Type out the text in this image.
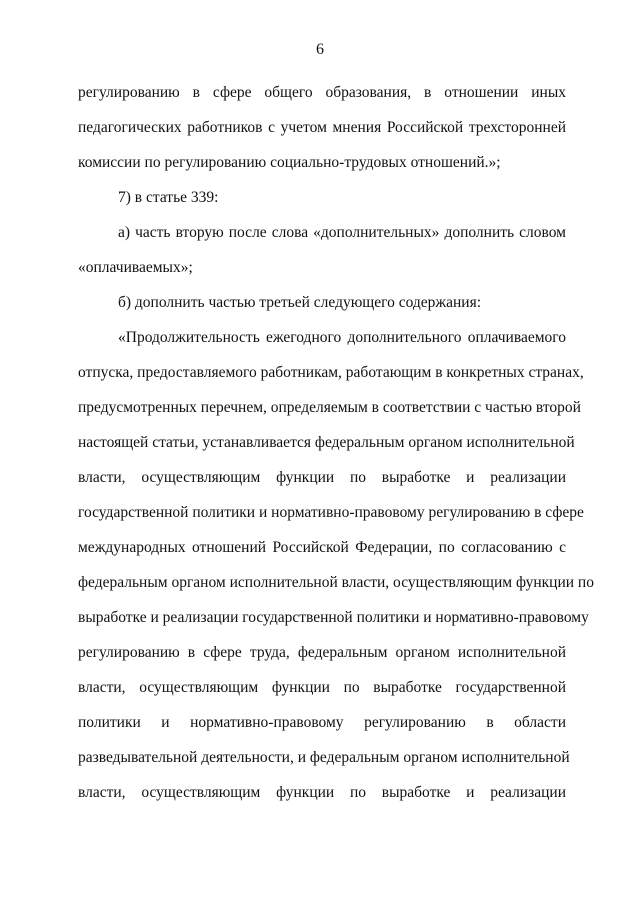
6
регулированию в сфере общего образования, в отношении иных
педагогических работников с учетом мнения Российской трехсторонней
комиссии по регулированию социально-трудовых отношений.»;
7) в статье 339:
а) часть вторую после слова «дополнительных» дополнить словом
«оплачиваемых»;
б) дополнить частью третьей следующего содержания:
«Продолжительность ежегодного дополнительного оплачиваемого
отпуска, предоставляемого работникам, работающим в конкретных странах,
предусмотренных перечнем, определяемым в соответствии с частью второй
настоящей статьи, устанавливается федеральным органом исполнительной
власти, осуществляющим функции по выработке и реализации
государственной политики и нормативно-правовому регулированию в сфере
международных отношений Российской Федерации, по согласованию с
федеральным органом исполнительной власти, осуществляющим функции по
выработке и реализации государственной политики и нормативно-правовому
регулированию в сфере труда, федеральным органом исполнительной
власти, осуществляющим функции по выработке государственной
политики и нормативно-правовому регулированию в области
разведывательной деятельности, и федеральным органом исполнительной
власти, осуществляющим функции по выработке и реализации
